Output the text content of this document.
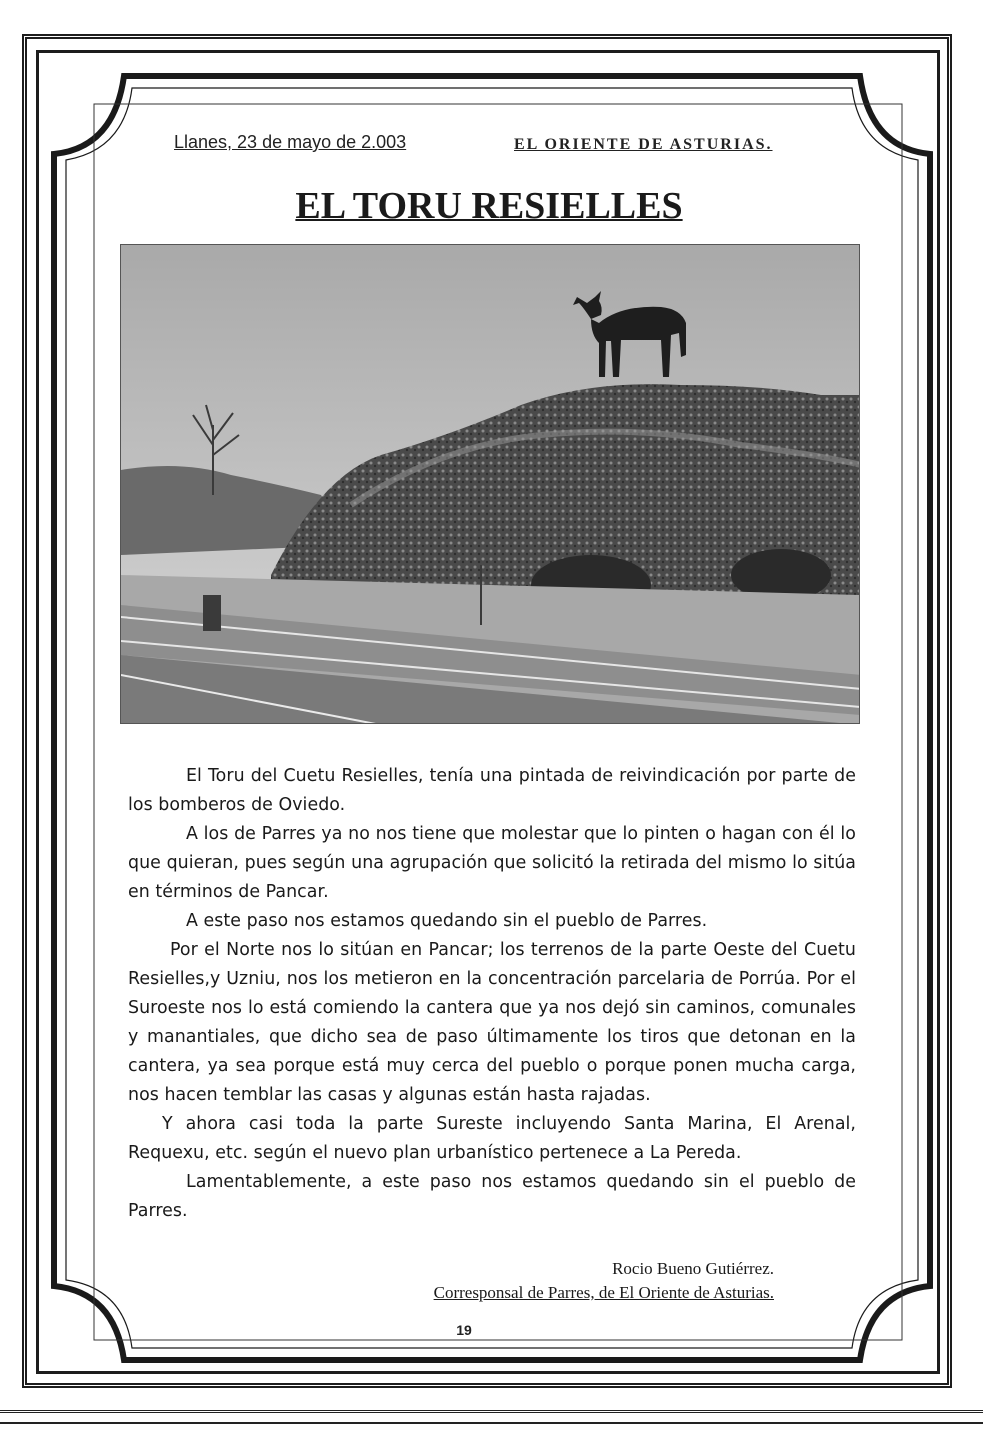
Llanes, 23 de mayo de 2.003	EL ORIENTE DE ASTURIAS.
EL TORU RESIELLES

El Toru del Cuetu Resielles, tenía una pintada de reivindicación por parte de los bomberos de Oviedo.

A los de Parres ya no nos tiene que molestar que lo pinten o hagan con él lo que quieran, pues según una agrupación que solicitó la retirada del mismo lo sitúa en términos de Pancar.

A este paso nos estamos quedando sin el pueblo de Parres.

Por el Norte nos lo sitúan en Pancar; los terrenos de la parte Oeste del Cuetu Resielles,y Uzniu, nos los metieron en la concentración parcelaria de Porrúa. Por el Suroeste nos lo está comiendo la cantera que ya nos dejó sin caminos, comunales y manantiales, que dicho sea de paso últimamente los tiros que detonan en la cantera, ya sea porque está muy cerca del pueblo o porque ponen mucha carga, nos hacen temblar las casas y algunas están hasta rajadas.

Y ahora casi toda la parte Sureste incluyendo Santa Marina, El Arenal, Requexu, etc. según el nuevo plan urbanístico pertenece a La Pereda.

Lamentablemente, a este paso nos estamos quedando sin el pueblo de Parres.

Rocio Bueno Gutiérrez.
Corresponsal de Parres, de El Oriente de Asturias.
19
